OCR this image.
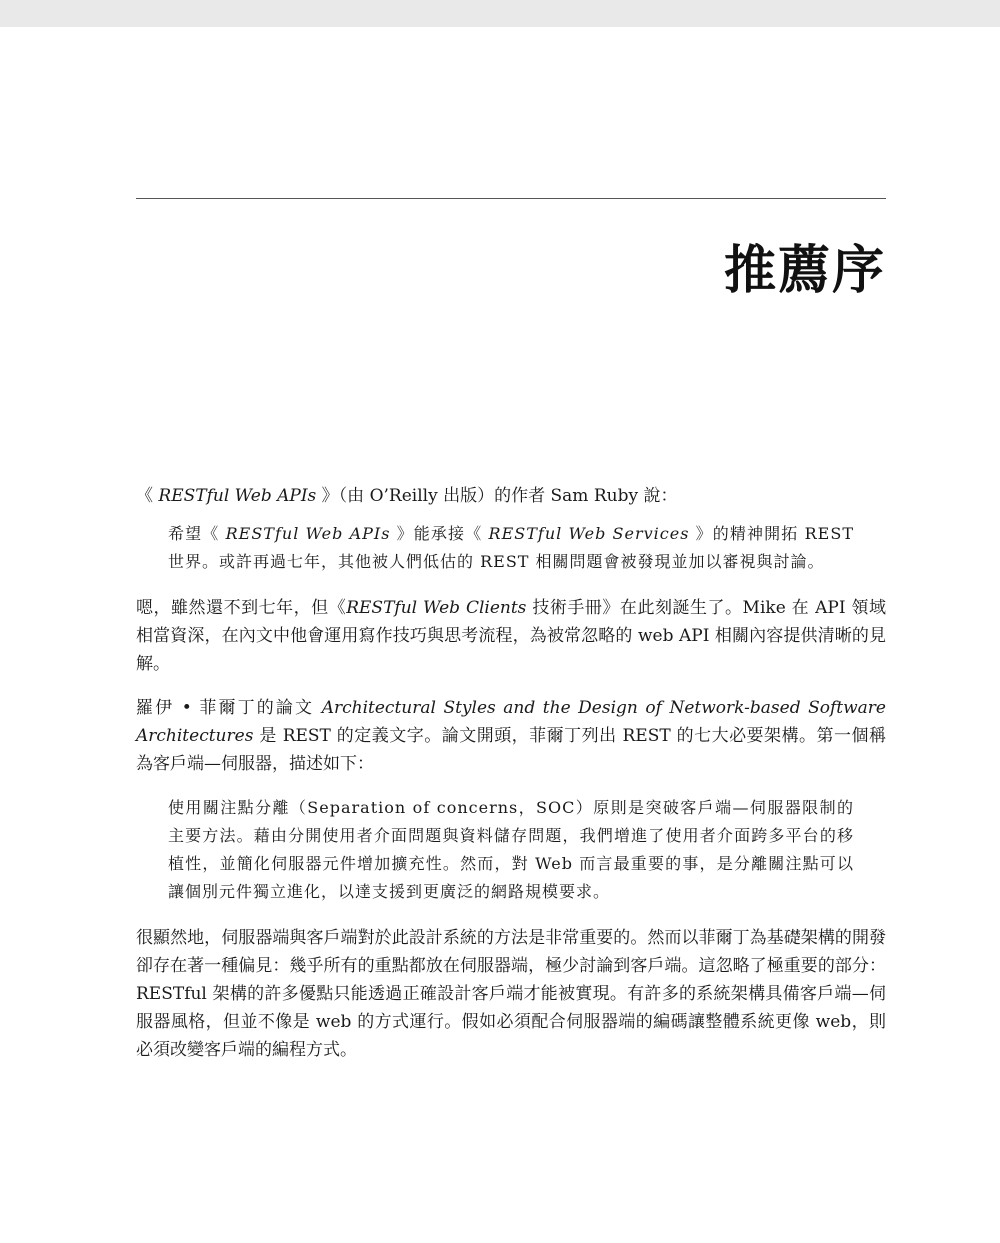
推薦序

《 RESTful Web APIs 》（由 O’Reilly 出版）的作者 Sam Ruby 說：

希望《 RESTful Web APIs 》能承接《 RESTful Web Services 》的精神開拓 REST 世界。或許再過七年，其他被人們低估的 REST 相關問題會被發現並加以審視與討論。

嗯，雖然還不到七年，但《RESTful Web Clients 技術手冊》在此刻誕生了。Mike 在 API 領域相當資深，在內文中他會運用寫作技巧與思考流程，為被常忽略的 web API 相關內容提供清晰的見解。

羅伊 • 菲爾丁的論文 Architectural Styles and the Design of Network-based Software Architectures 是 REST 的定義文字。論文開頭，菲爾丁列出 REST 的七大必要架構。第一個稱為客戶端—伺服器，描述如下：

使用關注點分離（Separation of concerns，SOC）原則是突破客戶端—伺服器限制的主要方法。藉由分開使用者介面問題與資料儲存問題，我們增進了使用者介面跨多平台的移植性，並簡化伺服器元件增加擴充性。然而，對 Web 而言最重要的事，是分離關注點可以讓個別元件獨立進化，以達支援到更廣泛的網路規模要求。

很顯然地，伺服器端與客戶端對於此設計系統的方法是非常重要的。然而以菲爾丁為基礎架構的開發卻存在著一種偏見：幾乎所有的重點都放在伺服器端，極少討論到客戶端。這忽略了極重要的部分：RESTful 架構的許多優點只能透過正確設計客戶端才能被實現。有許多的系統架構具備客戶端—伺服器風格，但並不像是 web 的方式運行。假如必須配合伺服器端的編碼讓整體系統更像 web，則必須改變客戶端的編程方式。
